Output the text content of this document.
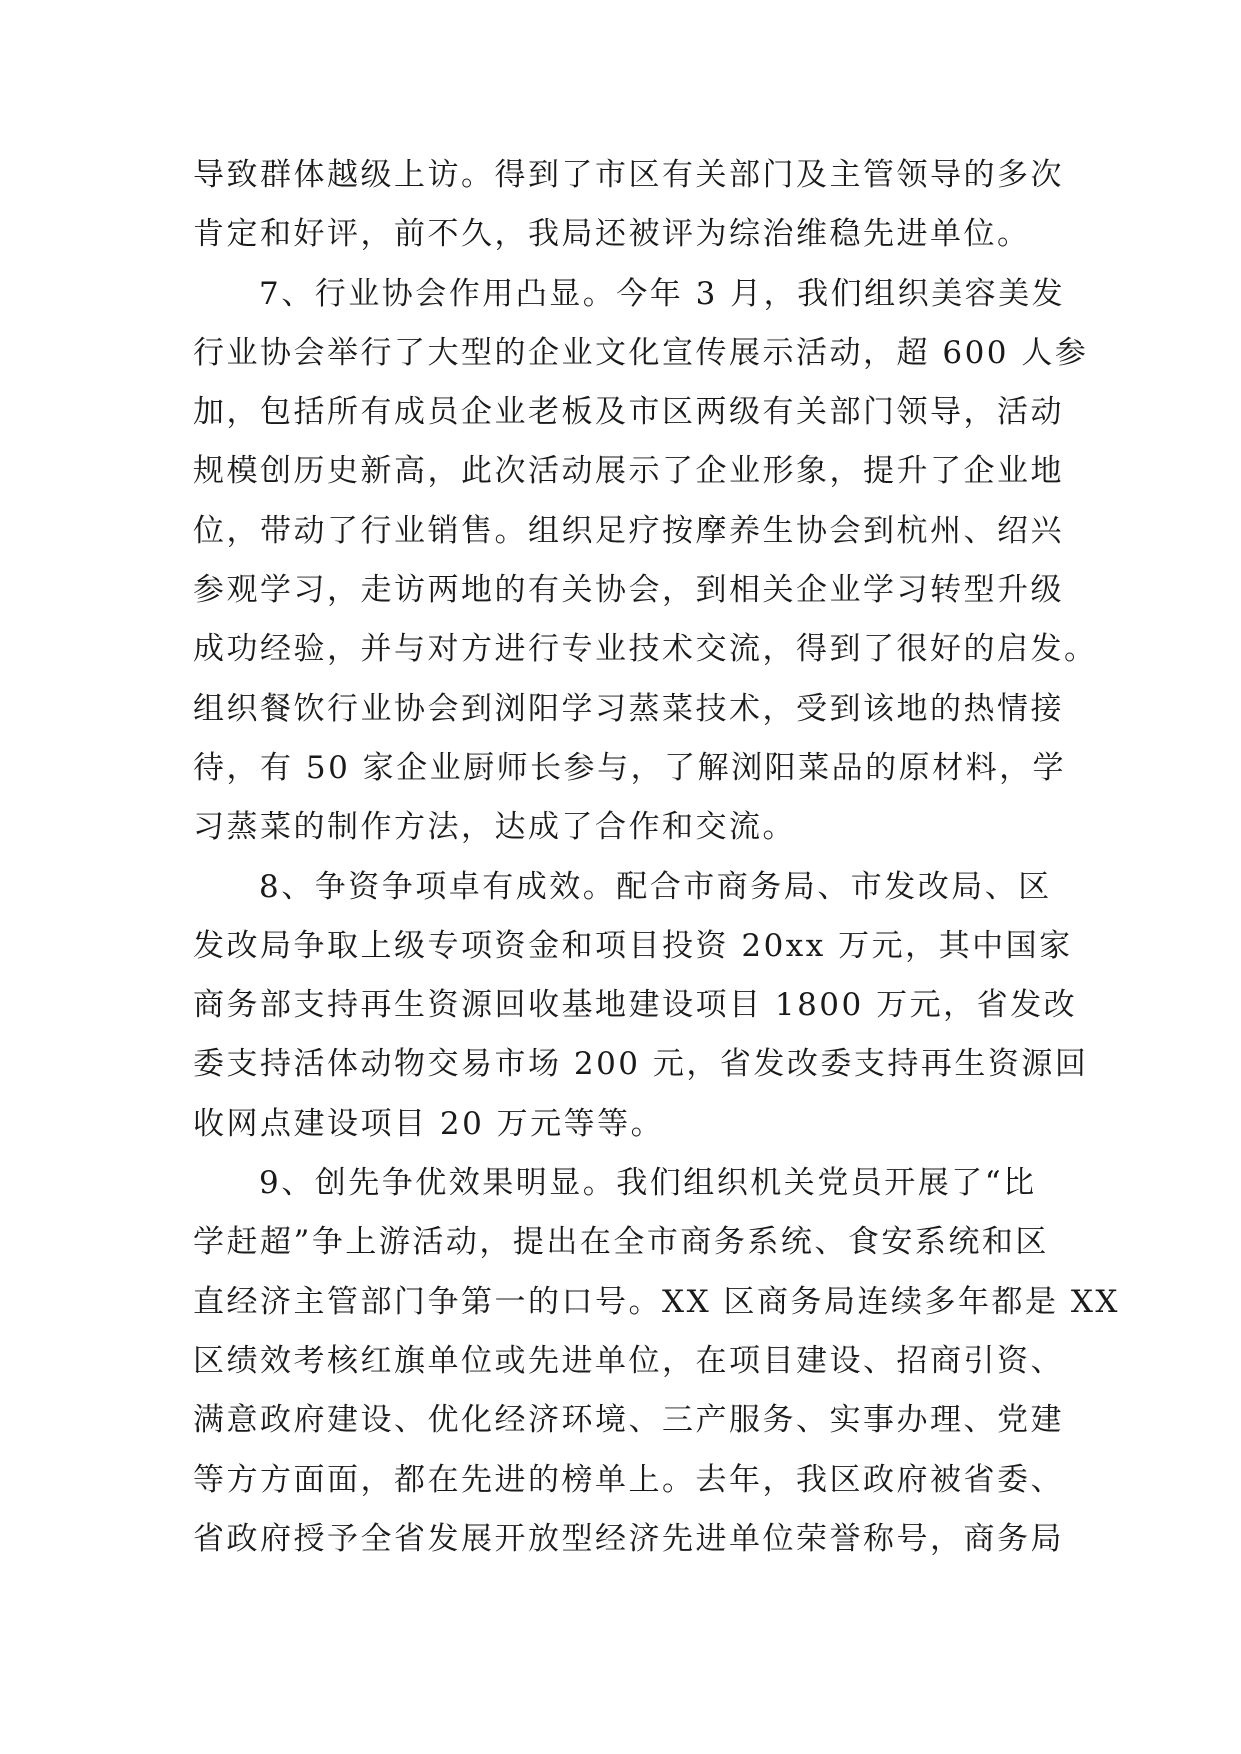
导致群体越级上访。得到了市区有关部门及主管领导的多次
肯定和好评，前不久，我局还被评为综治维稳先进单位。
7、行业协会作用凸显。今年 3 月，我们组织美容美发
行业协会举行了大型的企业文化宣传展示活动，超 600 人参
加，包括所有成员企业老板及市区两级有关部门领导，活动
规模创历史新高，此次活动展示了企业形象，提升了企业地
位，带动了行业销售。组织足疗按摩养生协会到杭州、绍兴
参观学习，走访两地的有关协会，到相关企业学习转型升级
成功经验，并与对方进行专业技术交流，得到了很好的启发。
组织餐饮行业协会到浏阳学习蒸菜技术，受到该地的热情接
待，有 50 家企业厨师长参与，了解浏阳菜品的原材料，学
习蒸菜的制作方法，达成了合作和交流。
8、争资争项卓有成效。配合市商务局、市发改局、区
发改局争取上级专项资金和项目投资 20xx 万元，其中国家
商务部支持再生资源回收基地建设项目 1800 万元，省发改
委支持活体动物交易市场 200 元，省发改委支持再生资源回
收网点建设项目 20 万元等等。
9、创先争优效果明显。我们组织机关党员开展了“比
学赶超”争上游活动，提出在全市商务系统、食安系统和区
直经济主管部门争第一的口号。XX 区商务局连续多年都是 XX
区绩效考核红旗单位或先进单位，在项目建设、招商引资、
满意政府建设、优化经济环境、三产服务、实事办理、党建
等方方面面，都在先进的榜单上。去年，我区政府被省委、
省政府授予全省发展开放型经济先进单位荣誉称号，商务局
